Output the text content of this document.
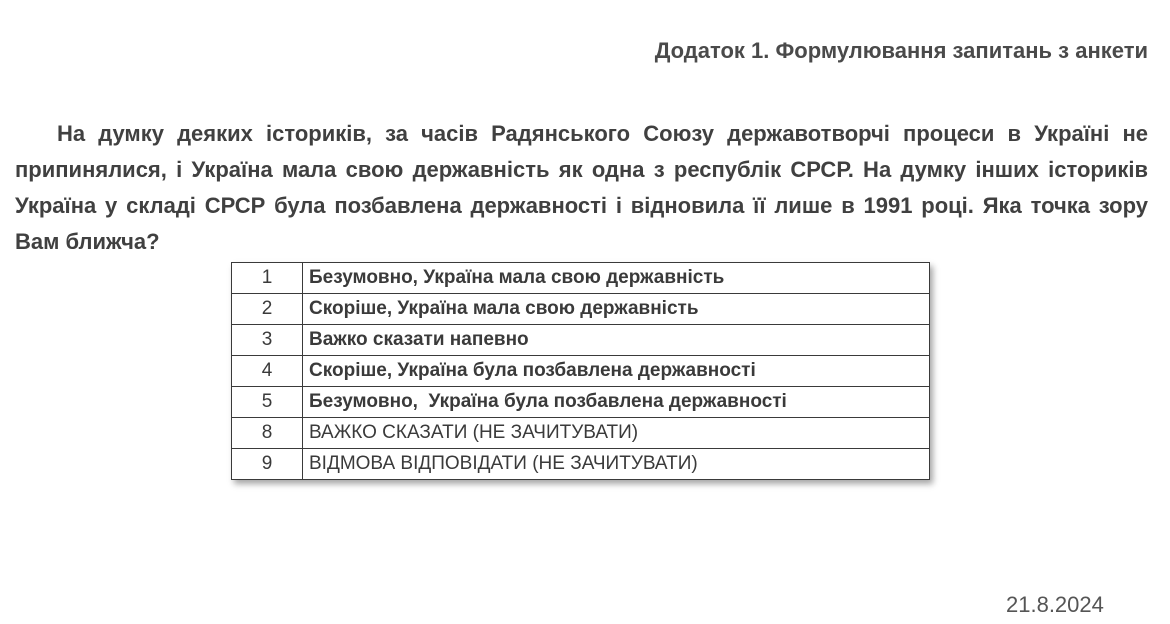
Додаток 1. Формулювання запитань з анкети

На думку деяких істориків, за часів Радянського Союзу державотворчі процеси в Україні не припинялися, і Україна мала свою державність як одна з республік СРСР. На думку інших істориків Україна у складі СРСР була позбавлена державності і відновила її лише в 1991 році. Яка точка зору Вам ближча?

1	Безумовно, Україна мала свою державність
2	Скоріше, Україна мала свою державність
3	Важко сказати напевно
4	Скоріше, Україна була позбавлена державності
5	Безумовно,  Україна була позбавлена державності
8	ВАЖКО СКАЗАТИ (НЕ ЗАЧИТУВАТИ)
9	ВІДМОВА ВІДПОВІДАТИ (НЕ ЗАЧИТУВАТИ)
21.8.2024
